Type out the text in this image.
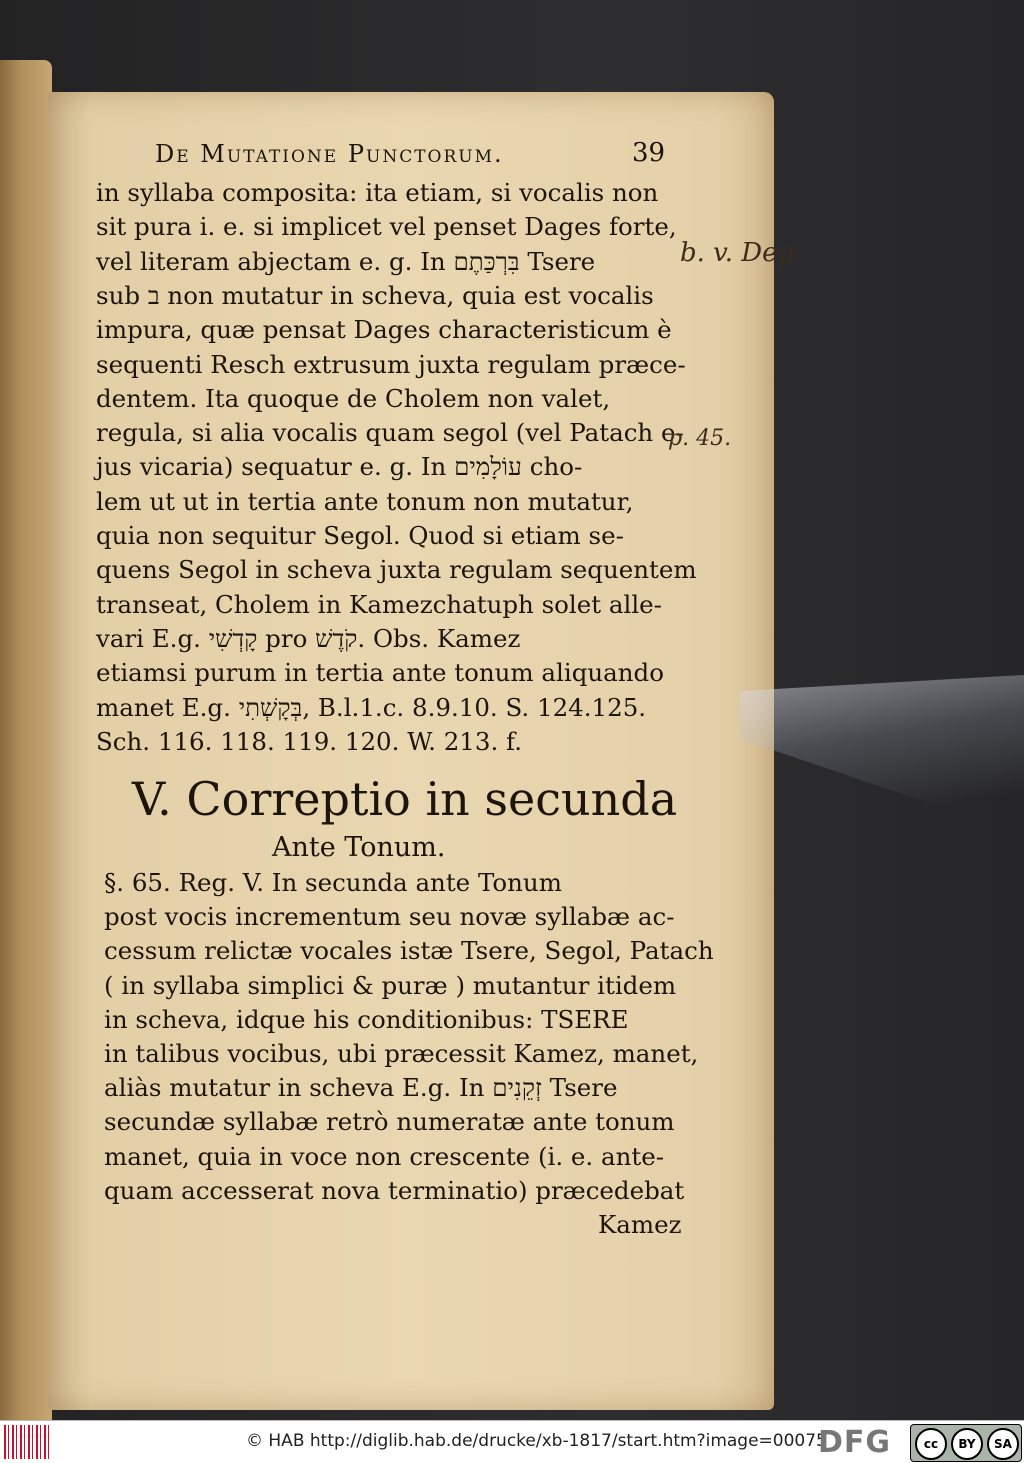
De Mutatione Punctorum.	39
in syllaba composita: ita etiam, si vocalis non
sit pura i. e. si implicet vel penset Dages forte,
vel literam abjectam e. g. In בִּרְכַּתֶם Tsere
sub ב non mutatur in scheva, quia est vocalis
impura, quæ pensat Dages characteristicum è
sequenti Resch extrusum juxta regulam præce-
dentem. Ita quoque de Cholem non valet,
regula, si alia vocalis quam segol (vel Patach e-
jus vicaria) sequatur e. g. In עוֹלָמִים cho-
lem ut ut in tertia ante tonum non mutatur,
quia non sequitur Segol. Quod si etiam se-
quens Segol in scheva juxta regulam sequentem
transeat, Cholem in Kamezchatuph solet alle-
vari E.g. קָדְשִׁי pro קֹדֶשׁ. Obs. Kamez
etiamsi purum in tertia ante tonum aliquando
manet E.g. בְּקָשְׁתִי, B.l.1.c. 8.9.10. S. 124.125.
Sch. 116. 118. 119. 120. W. 213. f.
V. Correptio in secunda
Ante Tonum.
§. 65. Reg. V. In secunda ante Tonum
post vocis incrementum seu novæ syllabæ ac-
cessum relictæ vocales istæ Tsere, Segol, Patach
( in syllaba simplici & puræ ) mutantur itidem
in scheva, idque his conditionibus: TSERE
in talibus vocibus, ubi præcessit Kamez, manet,
aliàs mutatur in scheva E.g. In זְקֵנִים Tsere
secundæ syllabæ retrò numeratæ ante tonum
manet, quia in voce non crescente (i. e. ante-
quam accesserat nova terminatio) præcedebat
Kamez
b. v. Deg.
p. 45.
© HAB http://diglib.hab.de/drucke/xb-1817/start.htm?image=00075
DFG	cc	BY	SA
